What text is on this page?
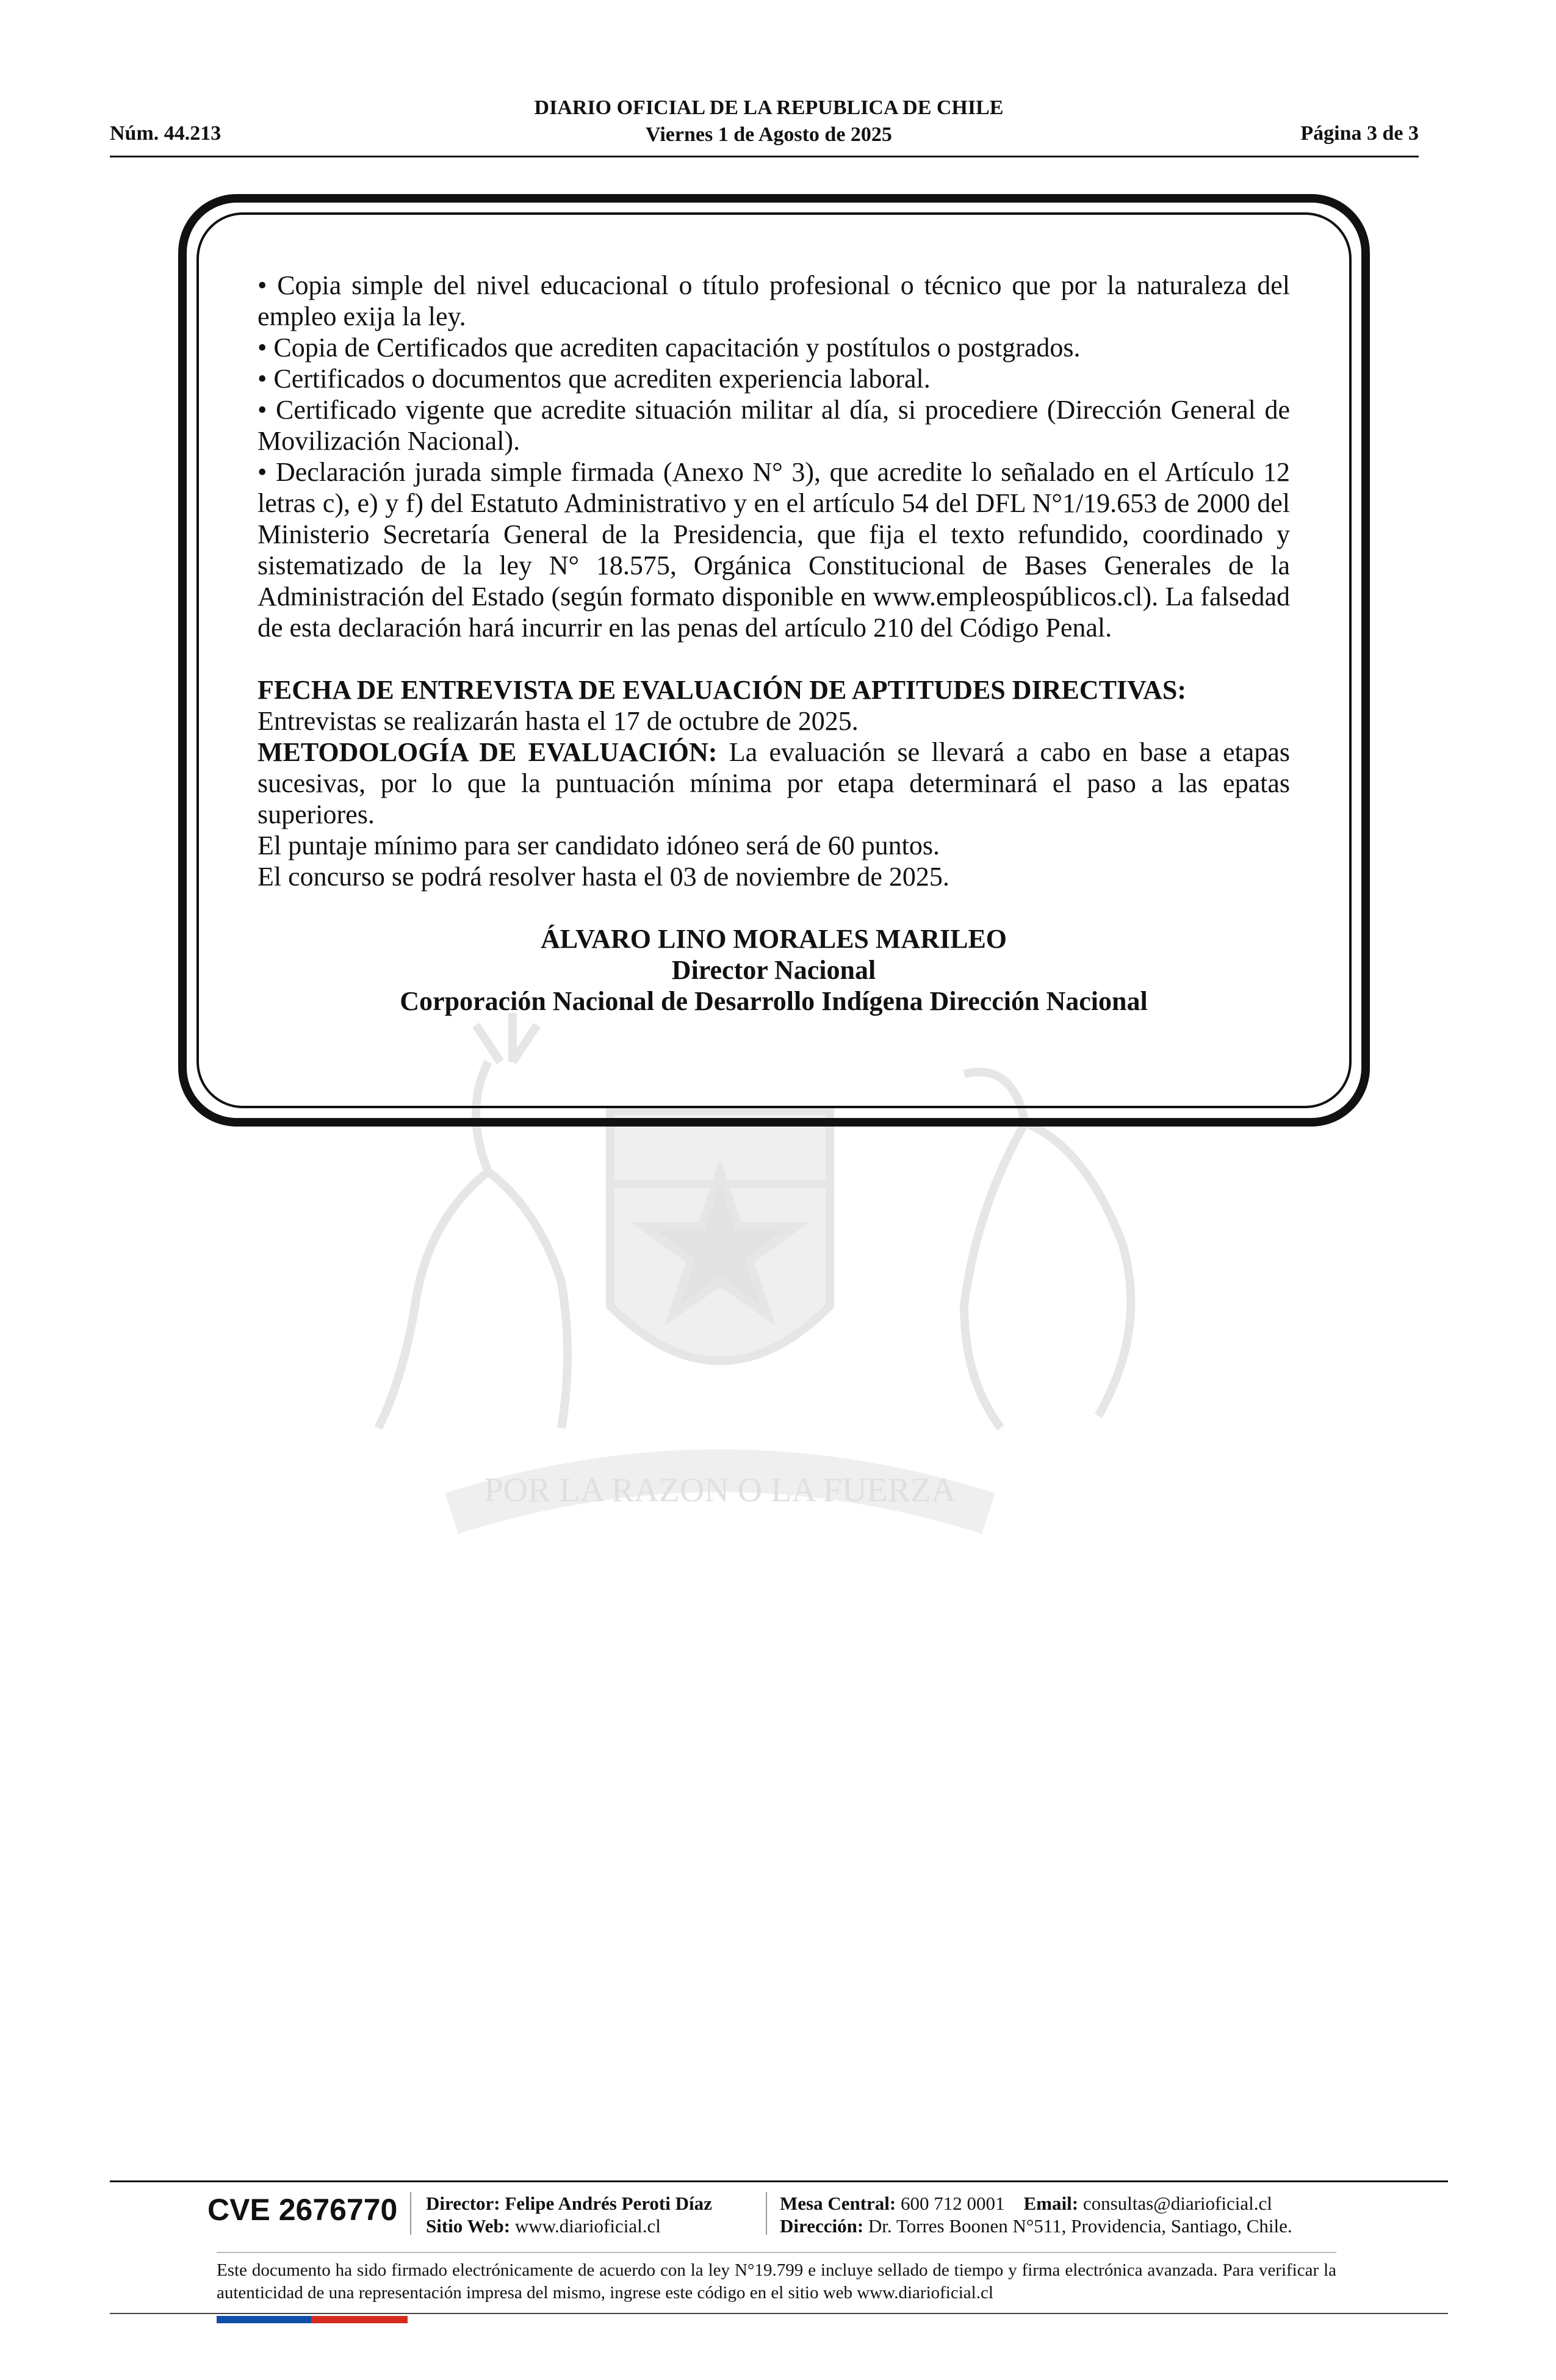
Núm. 44.213
DIARIO OFICIAL DE LA REPUBLICA DE CHILE
Viernes 1 de Agosto de 2025	Página 3 de 3
POR LA RAZON O LA FUERZA

• Copia simple del nivel educacional o título profesional o técnico que por la naturaleza del empleo exija la ley.

• Copia de Certificados que acrediten capacitación y postítulos o postgrados.

• Certificados o documentos que acrediten experiencia laboral.

• Certificado vigente que acredite situación militar al día, si procediere (Dirección General de Movilización Nacional).

• Declaración jurada simple firmada (Anexo N° 3), que acredite lo señalado en el Artículo 12 letras c), e) y f) del Estatuto Administrativo y en el artículo 54 del DFL N°1/19.653 de 2000 del Ministerio Secretaría General de la Presidencia, que fija el texto refundido, coordinado y sistematizado de la ley N° 18.575, Orgánica Constitucional de Bases Generales de la Administración del Estado (según formato disponible en www.empleospúblicos.cl). La falsedad de esta declaración hará incurrir en las penas del artículo 210 del Código Penal.

FECHA DE ENTREVISTA DE EVALUACIÓN DE APTITUDES DIRECTIVAS:

Entrevistas se realizarán hasta el 17 de octubre de 2025.

METODOLOGÍA DE EVALUACIÓN: La evaluación se llevará a cabo en base a etapas sucesivas, por lo que la puntuación mínima por etapa determinará el paso a las epatas superiores.

El puntaje mínimo para ser candidato idóneo será de 60 puntos.

El concurso se podrá resolver hasta el 03 de noviembre de 2025.

ÁLVARO LINO MORALES MARILEO

Director Nacional

Corporación Nacional de Desarrollo Indígena Dirección Nacional

CVE 2676770 Director: Felipe Andrés Peroti Díaz
Sitio Web: www.diarioficial.cl
Mesa Central: 600 712 0001 Email: consultas@diarioficial.cl
Dirección: Dr. Torres Boonen N°511, Providencia, Santiago, Chile.
Este documento ha sido firmado electrónicamente de acuerdo con la ley N°19.799 e incluye sellado de tiempo y firma electrónica avanzada. Para verificar la autenticidad de una representación impresa del mismo, ingrese este código en el sitio web www.diarioficial.cl
